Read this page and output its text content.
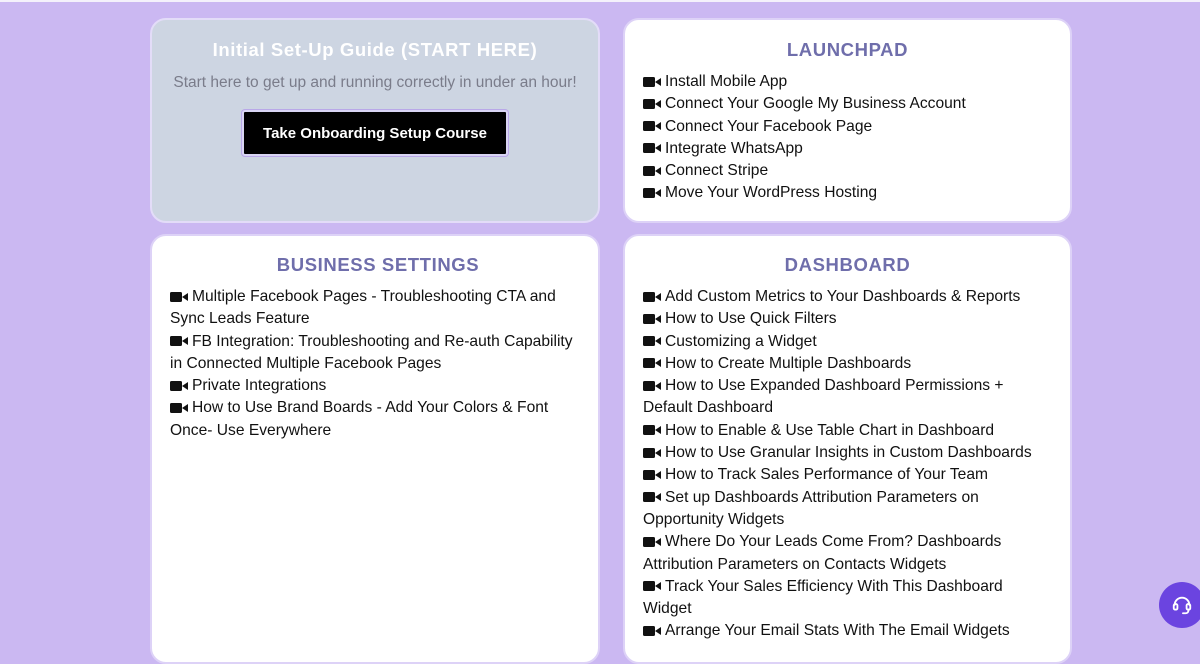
Initial Set-Up Guide (START HERE)
Start here to get up and running correctly in under an hour!
Take Onboarding Setup Course
LAUNCHPAD
Install Mobile App
Connect Your Google My Business Account
Connect Your Facebook Page
Integrate WhatsApp
Connect Stripe
Move Your WordPress Hosting
BUSINESS SETTINGS
Multiple Facebook Pages - Troubleshooting CTA and Sync Leads Feature
FB Integration: Troubleshooting and Re-auth Capability in Connected Multiple Facebook Pages
Private Integrations
How to Use Brand Boards - Add Your Colors & Font Once- Use Everywhere
DASHBOARD
Add Custom Metrics to Your Dashboards & Reports
How to Use Quick Filters
Customizing a Widget
How to Create Multiple Dashboards
How to Use Expanded Dashboard Permissions + Default Dashboard
How to Enable & Use Table Chart in Dashboard
How to Use Granular Insights in Custom Dashboards
How to Track Sales Performance of Your Team
Set up Dashboards Attribution Parameters on Opportunity Widgets
Where Do Your Leads Come From? Dashboards Attribution Parameters on Contacts Widgets
Track Your Sales Efficiency With This Dashboard Widget
Arrange Your Email Stats With The Email Widgets
